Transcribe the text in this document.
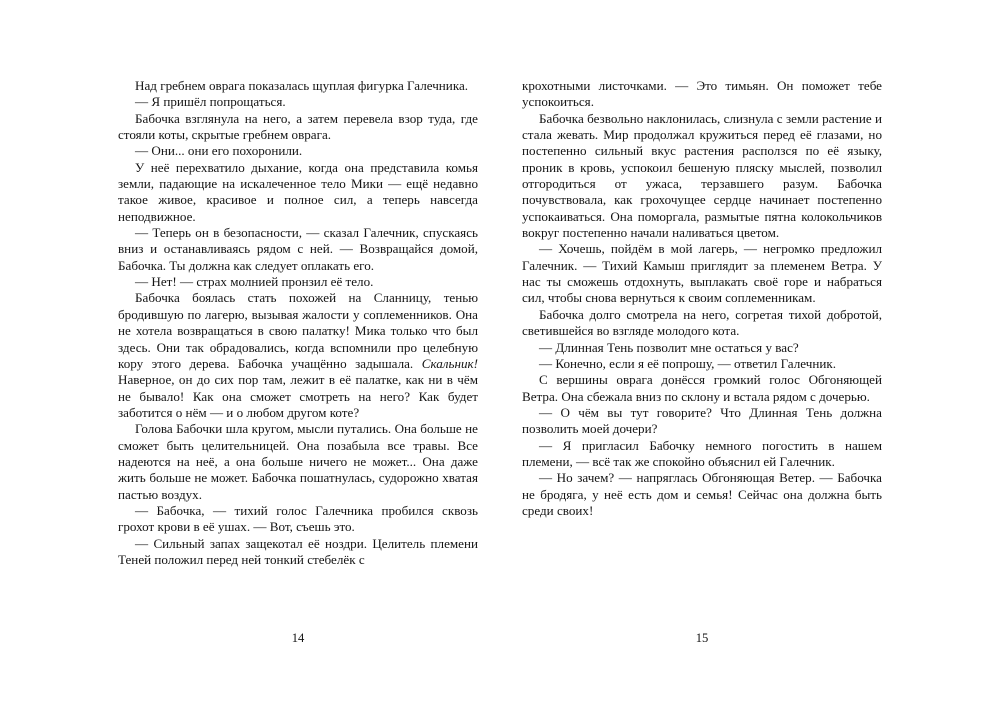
Над гребнем оврага показалась щуплая фигурка Галечника.

— Я пришёл попрощаться.

Бабочка взглянула на него, а затем перевела взор туда, где стояли коты, скрытые гребнем оврага.

— Они... они его похоронили.

У неё перехватило дыхание, когда она представила комья земли, падающие на искалеченное тело Мики — ещё недавно такое живое, красивое и полное сил, а теперь навсегда неподвижное.

— Теперь он в безопасности, — сказал Галечник, спускаясь вниз и останавливаясь рядом с ней. — Возвращайся домой, Бабочка. Ты должна как следует оплакать его.

— Нет! — страх молнией пронзил её тело.

Бабочка боялась стать похожей на Сланницу, тенью бродившую по лагерю, вызывая жалости у соплеменников. Она не хотела возвращаться в свою палатку! Мика только что был здесь. Они так обрадовались, когда вспомнили про целебную кору этого дерева. Бабочка учащённо задышала. Скальник! Наверное, он до сих пор там, лежит в её палатке, как ни в чём не бывало! Как она сможет смотреть на него? Как будет заботится о нём — и о любом другом коте?

Голова Бабочки шла кругом, мысли путались. Она больше не сможет быть целительницей. Она позабыла все травы. Все надеются на неё, а она больше ничего не может... Она даже жить больше не может. Бабочка пошатнулась, судорожно хватая пастью воздух.

— Бабочка, — тихий голос Галечника пробился сквозь грохот крови в её ушах. — Вот, съешь это.

— Сильный запах защекотал её ноздри. Целитель племени Теней положил перед ней тонкий стебелёк с

14

крохотными листочками. — Это тимьян. Он поможет тебе успокоиться.

Бабочка безвольно наклонилась, слизнула с земли растение и стала жевать. Мир продолжал кружиться перед её глазами, но постепенно сильный вкус растения расползся по её языку, проник в кровь, успокоил бешеную пляску мыслей, позволил отгородиться от ужаса, терзавшего разум. Бабочка почувствовала, как грохочущее сердце начинает постепенно успокаиваться. Она поморгала, размытые пятна колокольчиков вокруг постепенно начали наливаться цветом.

— Хочешь, пойдём в мой лагерь, — негромко предложил Галечник. — Тихий Камыш приглядит за племенем Ветра. У нас ты сможешь отдохнуть, выплакать своё горе и набраться сил, чтобы снова вернуться к своим соплеменникам.

Бабочка долго смотрела на него, согретая тихой добротой, светившейся во взгляде молодого кота.

— Длинная Тень позволит мне остаться у вас?

— Конечно, если я её попрошу, — ответил Галечник.

С вершины оврага донёсся громкий голос Обгоняющей Ветра. Она сбежала вниз по склону и встала рядом с дочерью.

— О чём вы тут говорите? Что Длинная Тень должна позволить моей дочери?

— Я пригласил Бабочку немного погостить в нашем племени, — всё так же спокойно объяснил ей Галечник.

— Но зачем? — напряглась Обгоняющая Ветер. — Бабочка не бродяга, у неё есть дом и семья! Сейчас она должна быть среди своих!

15
